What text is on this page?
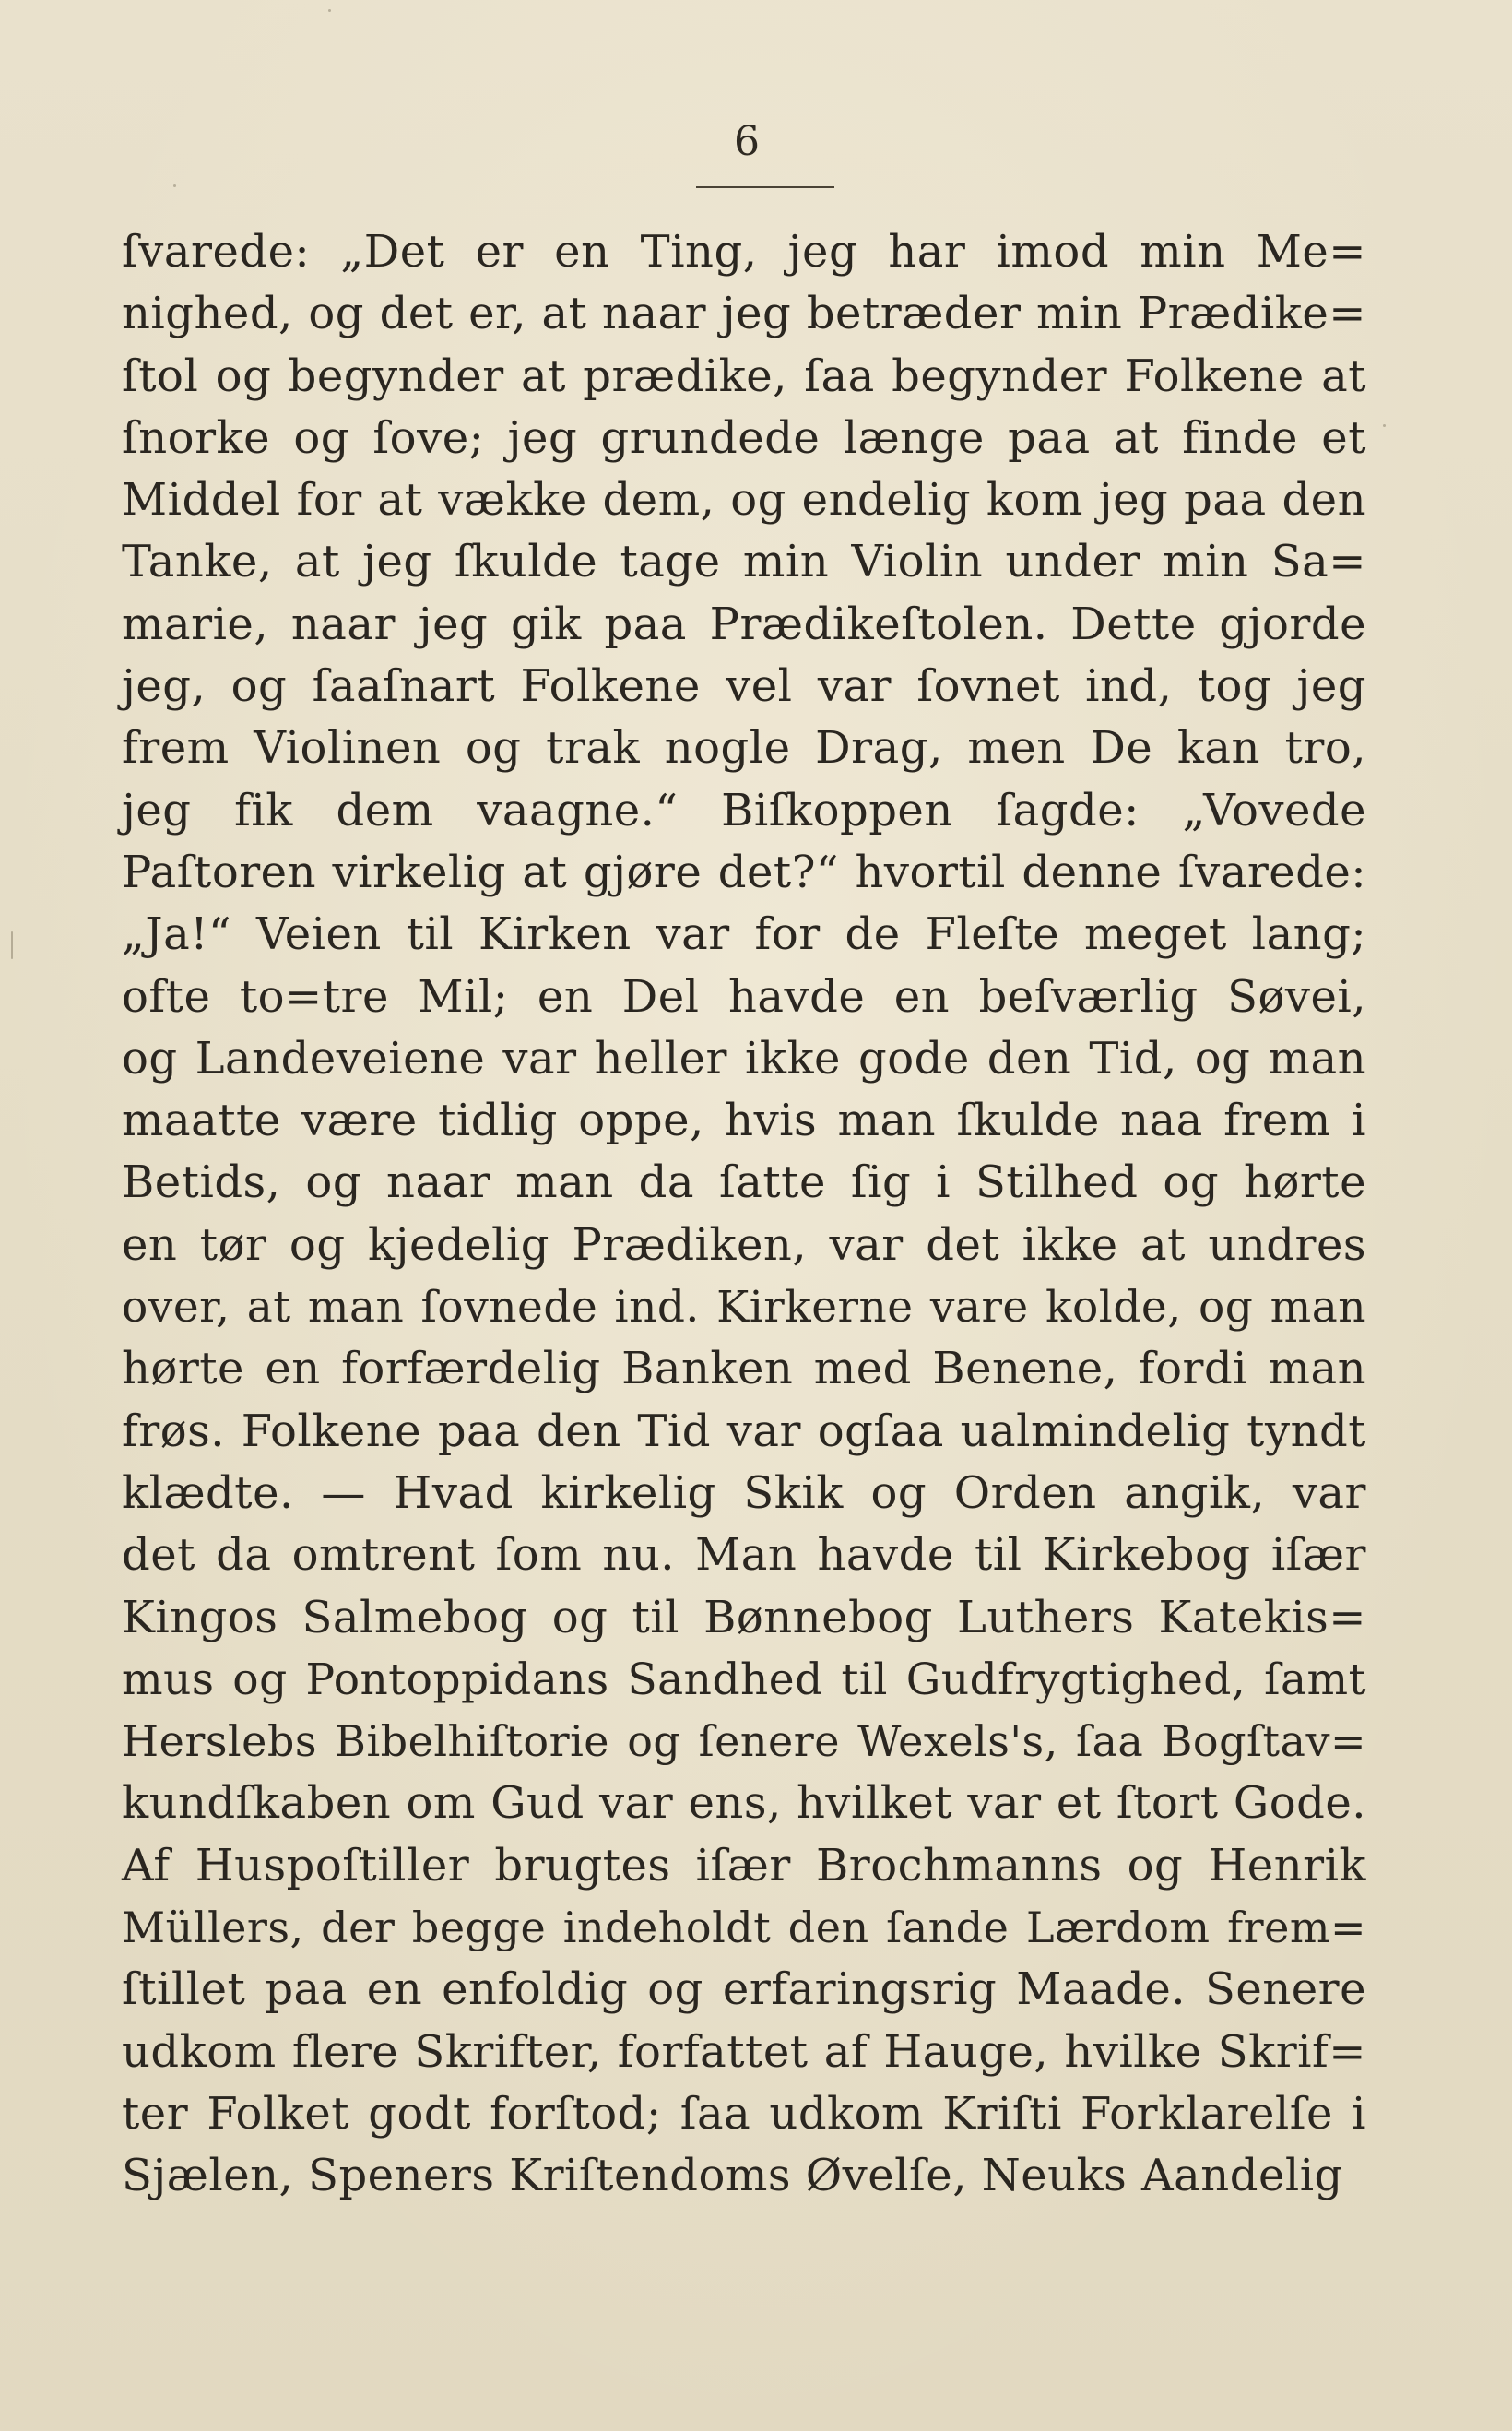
6
ſvarede: „Det er en Ting, jeg har imod min Me=
nighed, og det er, at naar jeg betræder min Prædike=
ſtol og begynder at prædike, ſaa begynder Folkene at
ſnorke og ſove; jeg grundede længe paa at finde et
Middel for at vække dem, og endelig kom jeg paa den
Tanke, at jeg ſkulde tage min Violin under min Sa=
marie, naar jeg gik paa Prædikeſtolen. Dette gjorde
jeg, og ſaaſnart Folkene vel var ſovnet ind, tog jeg
frem Violinen og trak nogle Drag, men De kan tro,
jeg fik dem vaagne.“ Biſkoppen ſagde: „Vovede
Paſtoren virkelig at gjøre det?“ hvortil denne ſvarede:
„Ja!“ Veien til Kirken var for de Fleſte meget lang;
ofte to=tre Mil; en Del havde en beſværlig Søvei,
og Landeveiene var heller ikke gode den Tid, og man
maatte være tidlig oppe, hvis man ſkulde naa frem i
Betids, og naar man da ſatte ſig i Stilhed og hørte
en tør og kjedelig Prædiken, var det ikke at undres
over, at man ſovnede ind. Kirkerne vare kolde, og man
hørte en forfærdelig Banken med Benene, fordi man
frøs. Folkene paa den Tid var ogſaa ualmindelig tyndt
klædte. — Hvad kirkelig Skik og Orden angik, var
det da omtrent ſom nu. Man havde til Kirkebog iſær
Kingos Salmebog og til Bønnebog Luthers Katekis=
mus og Pontoppidans Sandhed til Gudfrygtighed, ſamt
Herslebs Bibelhiſtorie og ſenere Wexels's, ſaa Bogſtav=
kundſkaben om Gud var ens, hvilket var et ſtort Gode.
Af Huspoſtiller brugtes iſær Brochmanns og Henrik
Müllers, der begge indeholdt den ſande Lærdom frem=
ſtillet paa en enfoldig og erfaringsrig Maade. Senere
udkom flere Skrifter, forfattet af Hauge, hvilke Skrif=
ter Folket godt forſtod; ſaa udkom Kriſti Forklarelſe i
Sjælen, Speners Kriſtendoms Øvelſe, Neuks Aandelig
